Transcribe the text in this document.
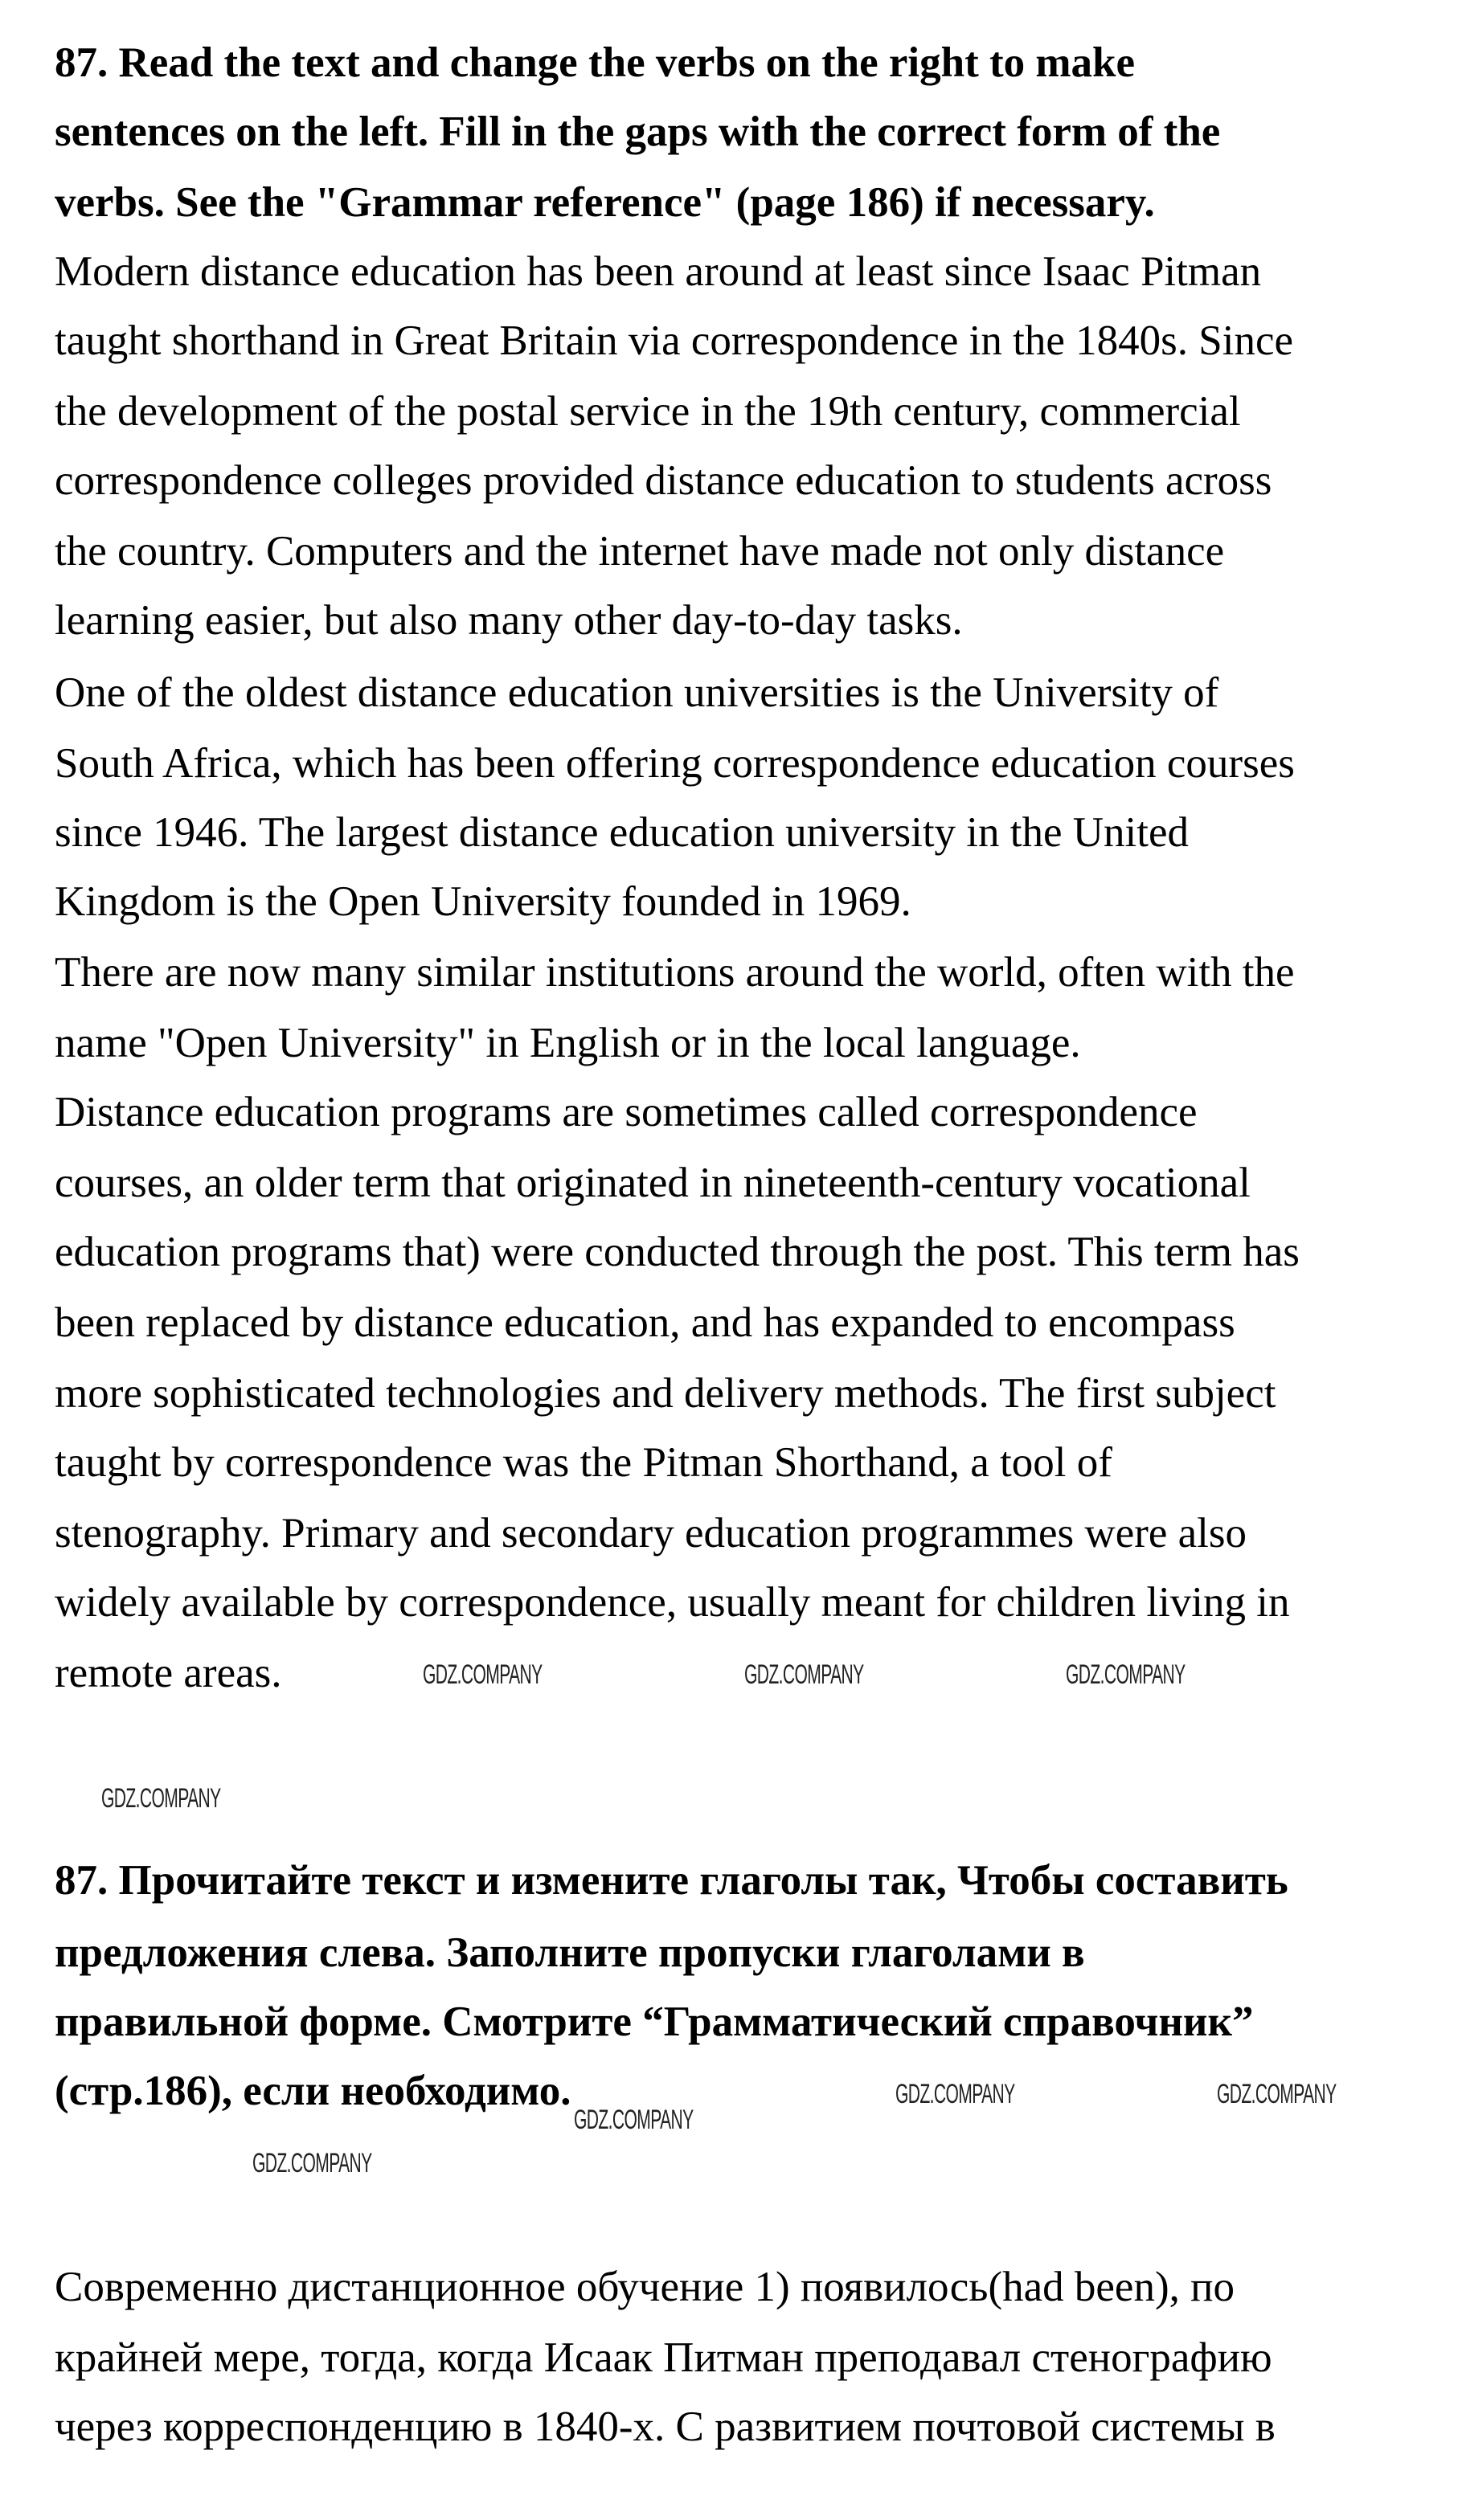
87. Read the text and change the verbs on the right to make
sentences on the left. Fill in the gaps with the correct form of the
verbs. See the "Grammar reference" (page 186) if necessary.
Modern distance education has been around at least since Isaac Pitman
taught shorthand in Great Britain via correspondence in the 1840s. Since
the development of the postal service in the 19th century, commercial
correspondence colleges provided distance education to students across
the country. Computers and the internet have made not only distance
learning easier, but also many other day-to-day tasks.
One of the oldest distance education universities is the University of
South Africa, which has been offering correspondence education courses
since 1946. The largest distance education university in the United
Kingdom is the Open University founded in 1969.
There are now many similar institutions around the world, often with the
name "Open University" in English or in the local language.
Distance education programs are sometimes called correspondence
courses, an older term that originated in nineteenth-century vocational
education programs that) were conducted through the post. This term has
been replaced by distance education, and has expanded to encompass
more sophisticated technologies and delivery methods. The first subject
taught by correspondence was the Pitman Shorthand, a tool of
stenography. Primary and secondary education programmes were also
widely available by correspondence, usually meant for children living in
remote areas.
87. Прочитайте текст и измените глаголы так, Чтобы составить
предложения слева. Заполните пропуски глаголами в
правильной форме. Смотрите “Грамматический справочник”
(стр.186), если необходимо.
Современно дистанционное обучение 1) появилось(had been), по
крайней мере, тогда, когда Исаак Питман преподавал стенографию
через корреспонденцию в 1840-х. С развитием почтовой системы в
GDZ.COMPANY	GDZ.COMPANY	GDZ.COMPANY
GDZ.COMPANY
GDZ.COMPANY	GDZ.COMPANY
GDZ.COMPANY
GDZ.COMPANY
